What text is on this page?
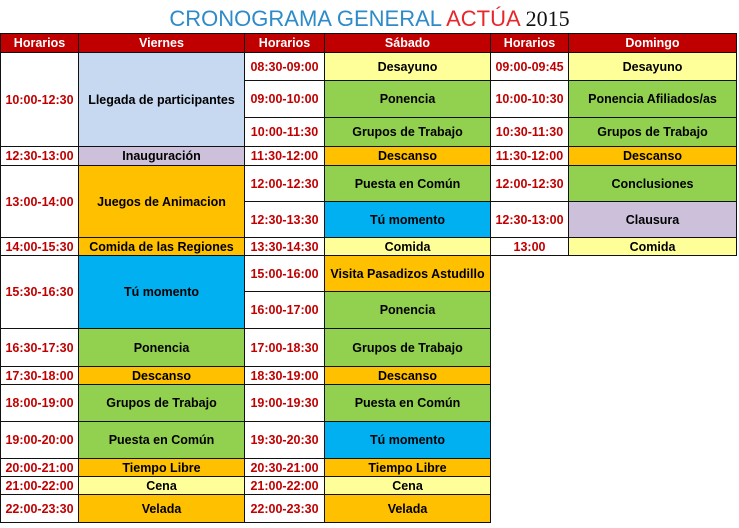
CRONOGRAMA GENERAL ACTÚA 2015
Horarios	Viernes	Horarios	Sábado	Horarios	Domingo
10:00-12:30	Llegada de participantes	08:30-09:00	Desayuno	09:00-09:45	Desayuno
		09:00-10:00	Ponencia	10:00-10:30	Ponencia Afiliados/as
		10:00-11:30	Grupos de Trabajo	10:30-11:30	Grupos de Trabajo
12:30-13:00	Inauguración	11:30-12:00	Descanso	11:30-12:00	Descanso
13:00-14:00	Juegos de Animacion	12:00-12:30	Puesta en Común	12:00-12:30	Conclusiones
		12:30-13:30	Tú momento	12:30-13:00	Clausura
14:00-15:30	Comida de las Regiones	13:30-14:30	Comida	13:00	Comida
15:30-16:30	Tú momento	15:00-16:00	Visita Pasadizos Astudillo		
		16:00-17:00	Ponencia		
16:30-17:30	Ponencia	17:00-18:30	Grupos de Trabajo		
17:30-18:00	Descanso	18:30-19:00	Descanso		
18:00-19:00	Grupos de Trabajo	19:00-19:30	Puesta en Común		
19:00-20:00	Puesta en Común	19:30-20:30	Tú momento		
20:00-21:00	Tiempo Libre	20:30-21:00	Tiempo Libre		
21:00-22:00	Cena	21:00-22:00	Cena		
22:00-23:30	Velada	22:00-23:30	Velada		
